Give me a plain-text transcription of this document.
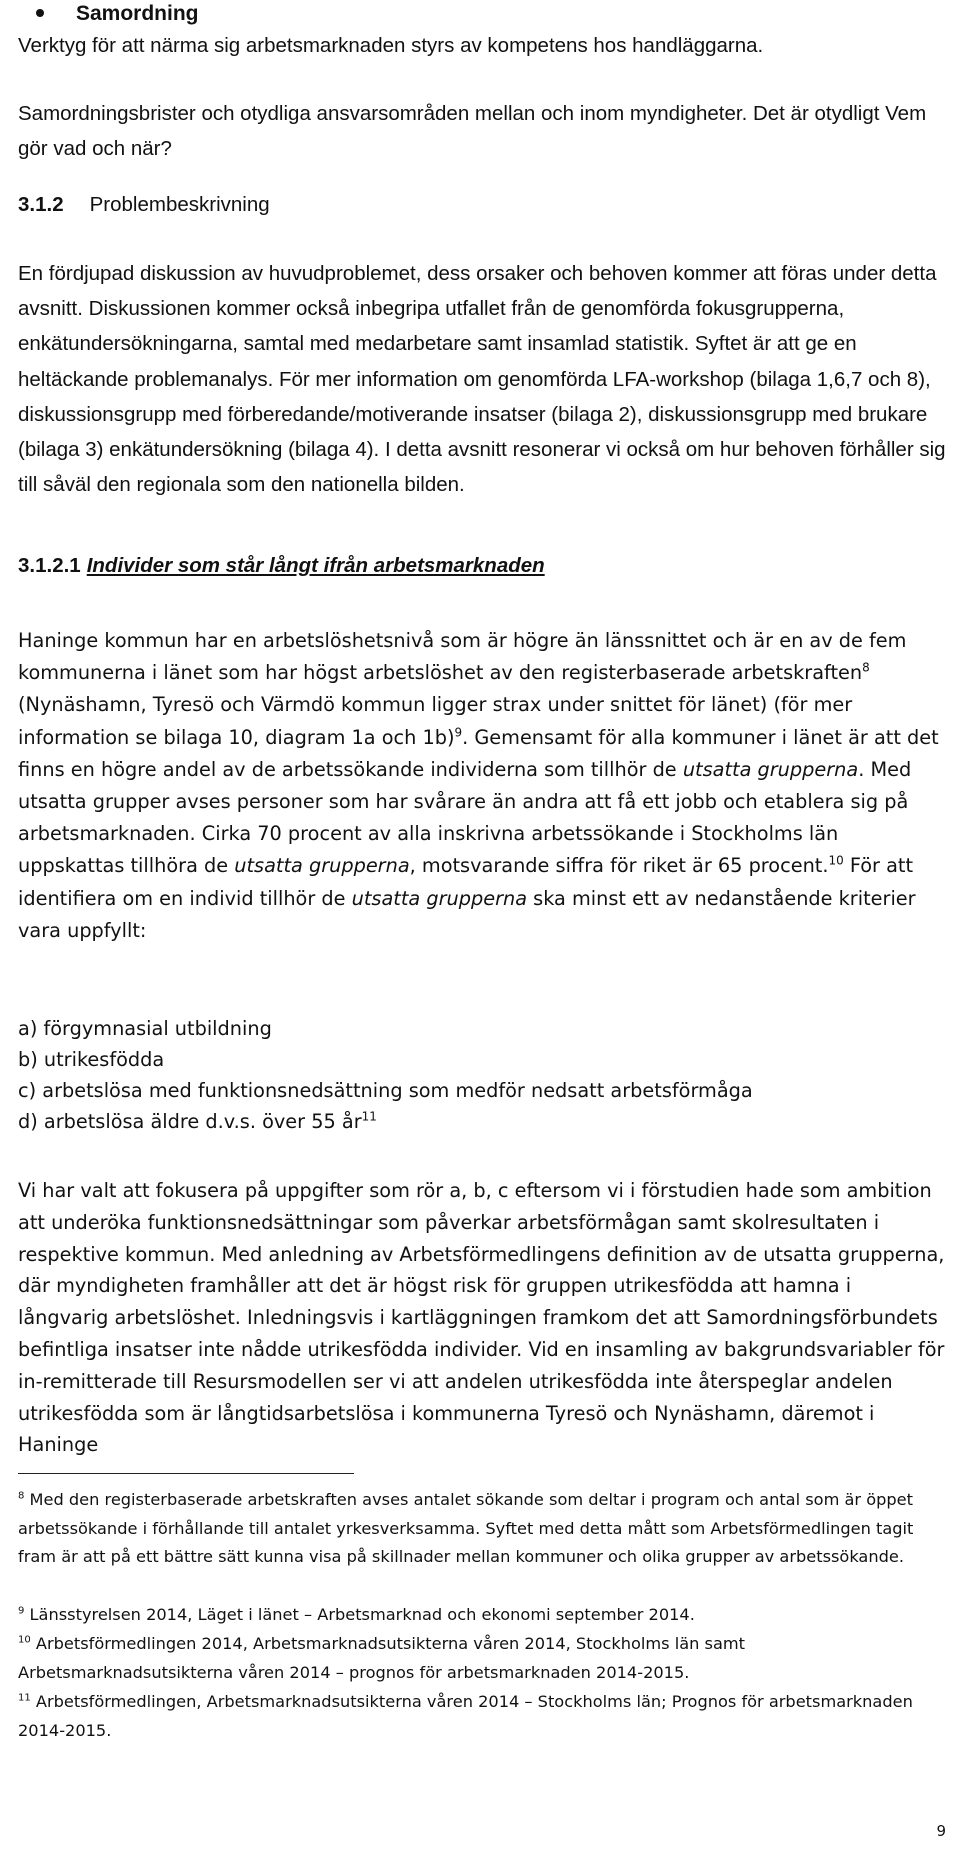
Samordning
Verktyg för att närma sig arbetsmarknaden styrs av kompetens hos handläggarna.
Samordningsbrister och otydliga ansvarsområden mellan och inom myndigheter. Det är otydligt Vem gör vad och när?
3.1.2 Problembeskrivning
En fördjupad diskussion av huvudproblemet, dess orsaker och behoven kommer att föras under detta avsnitt. Diskussionen kommer också inbegripa utfallet från de genomförda fokusgrupperna, enkätundersökningarna, samtal med medarbetare samt insamlad statistik. Syftet är att ge en heltäckande problemanalys. För mer information om genomförda LFA-workshop (bilaga 1,6,7 och 8), diskussionsgrupp med förberedande/motiverande insatser (bilaga 2), diskussionsgrupp med brukare (bilaga 3) enkätundersökning (bilaga 4). I detta avsnitt resonerar vi också om hur behoven förhåller sig till såväl den regionala som den nationella bilden.
3.1.2.1 Individer som står långt ifrån arbetsmarknaden
Haninge kommun har en arbetslöshetsnivå som är högre än länssnittet och är en av de fem kommunerna i länet som har högst arbetslöshet av den registerbaserade arbetskraften$^8$ (Nynäshamn, Tyresö och Värmdö kommun ligger strax under snittet för länet) (för mer information se bilaga 10, diagram 1a och 1b)$^9$. Gemensamt för alla kommuner i länet är att det finns en högre andel av de arbetssökande individerna som tillhör de utsatta grupperna. Med utsatta grupper avses personer som har svårare än andra att få ett jobb och etablera sig på arbetsmarknaden. Cirka 70 procent av alla inskrivna arbetssökande i Stockholms län uppskattas tillhöra de utsatta grupperna, motsvarande siffra för riket är 65 procent.$^{10}$ För att identifiera om en individ tillhör de utsatta grupperna ska minst ett av nedanstående kriterier vara uppfyllt:
a) förgymnasial utbildning
b) utrikesfödda
c) arbetslösa med funktionsnedsättning som medför nedsatt arbetsförmåga
d) arbetslösa äldre d.v.s. över 55 $år^{11}$
Vi har valt att fokusera på uppgifter som rör a, b, c eftersom vi i förstudien hade som ambition att underöka funktionsnedsättningar som påverkar arbetsförmågan samt skolresultaten i respektive kommun. Med anledning av Arbetsförmedlingens definition av de utsatta grupperna, där myndigheten framhåller att det är högst risk för gruppen utrikesfödda att hamna i långvarig arbetslöshet. Inledningsvis i kartläggningen framkom det att Samordningsförbundets befintliga insatser inte nådde utrikesfödda individer. Vid en insamling av bakgrundsvariabler för in-remitterade till Resursmodellen ser vi att andelen utrikesfödda inte återspeglar andelen utrikesfödda som är långtidsarbetslösa i kommunerna Tyresö och Nynäshamn, däremot i Haninge
$^8$ Med den registerbaserade arbetskraften avses antalet sökande som deltar i program och antal som är öppet arbetssökande i förhållande till antalet yrkesverksamma. Syftet med detta mått som Arbetsförmedlingen tagit fram är att på ett bättre sätt kunna visa på skillnader mellan kommuner och olika grupper av arbetssökande.
$^9$ Länsstyrelsen 2014, Läget i länet – Arbetsmarknad och ekonomi september 2014.
$^{10}$ Arbetsförmedlingen 2014, Arbetsmarknadsutsikterna våren 2014, Stockholms län samt Arbetsmarknadsutsikterna våren 2014 – prognos för arbetsmarknaden 2014-2015.
$^{11}$ Arbetsförmedlingen, Arbetsmarknadsutsikterna våren 2014 – Stockholms län; Prognos för arbetsmarknaden 2014-2015.
9
